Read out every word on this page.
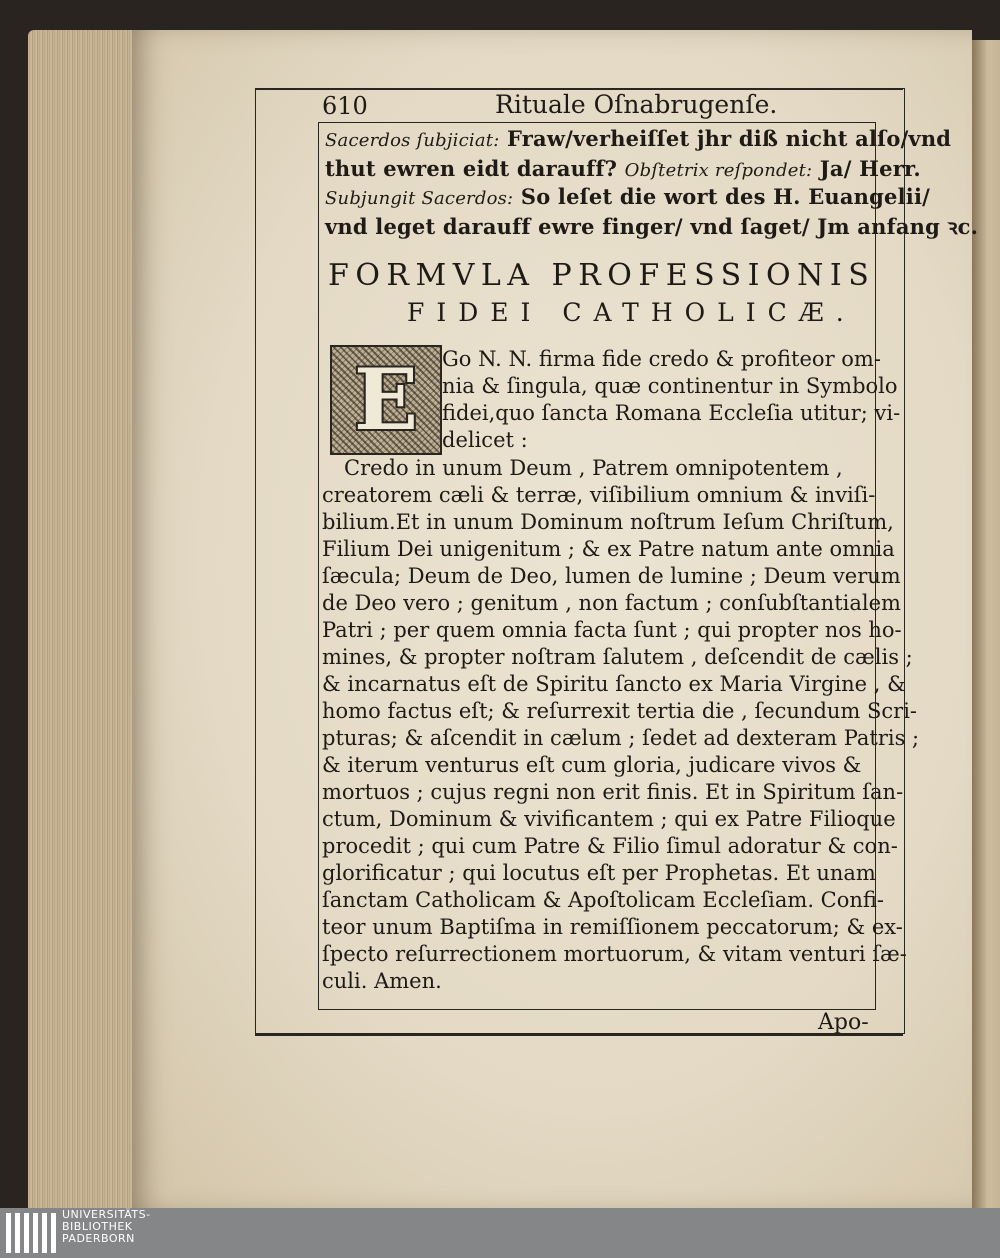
610	Rituale Oſnabrugenſe.
Sacerdos ſubjiciat: Fraw/verheiſſet jhr diß nicht alſo/vnd
thut ewren eidt darauff? Obſtetrix reſpondet: Ja/ Herr.
Subjungit Sacerdos: So leſet die wort des H. Euangelii/
vnd leget darauff ewre finger/ vnd ſaget/ Jm anfang ꝛc.
FORMVLA PROFESSIONIS
FIDEI CATHOLICÆ.
E Go N. N. firma fide credo & profiteor om-
nia & ſingula, quæ continentur in Symbolo
fidei,quo ſancta Romana Eccleſia utitur; vi-
delicet :
Credo in unum Deum , Patrem omnipotentem ,
creatorem cæli & terræ, viſibilium omnium & inviſi-
bilium.Et in unum Dominum noſtrum Ieſum Chriſtum,
Filium Dei unigenitum ; & ex Patre natum ante omnia
ſæcula; Deum de Deo, lumen de lumine ; Deum verum
de Deo vero ; genitum , non factum ; conſubſtantialem
Patri ; per quem omnia facta ſunt ; qui propter nos ho-
mines, & propter noſtram ſalutem , deſcendit de cælis ;
& incarnatus eſt de Spiritu ſancto ex Maria Virgine , &
homo factus eſt; & reſurrexit tertia die , ſecundum Scri-
pturas; & aſcendit in cælum ; ſedet ad dexteram Patris ;
& iterum venturus eſt cum gloria, judicare vivos &
mortuos ; cujus regni non erit finis. Et in Spiritum ſan-
ctum, Dominum & vivificantem ; qui ex Patre Filioque
procedit ; qui cum Patre & Filio ſimul adoratur & con-
glorificatur ; qui locutus eſt per Prophetas. Et unam
ſanctam Catholicam & Apoſtolicam Eccleſiam. Confi-
teor unum Baptiſma in remiſſionem peccatorum; & ex-
ſpecto reſurrectionem mortuorum, & vitam venturi ſæ-
culi. Amen.
Apo-
UNIVERSITÄTS-
BIBLIOTHEK
PADERBORN
